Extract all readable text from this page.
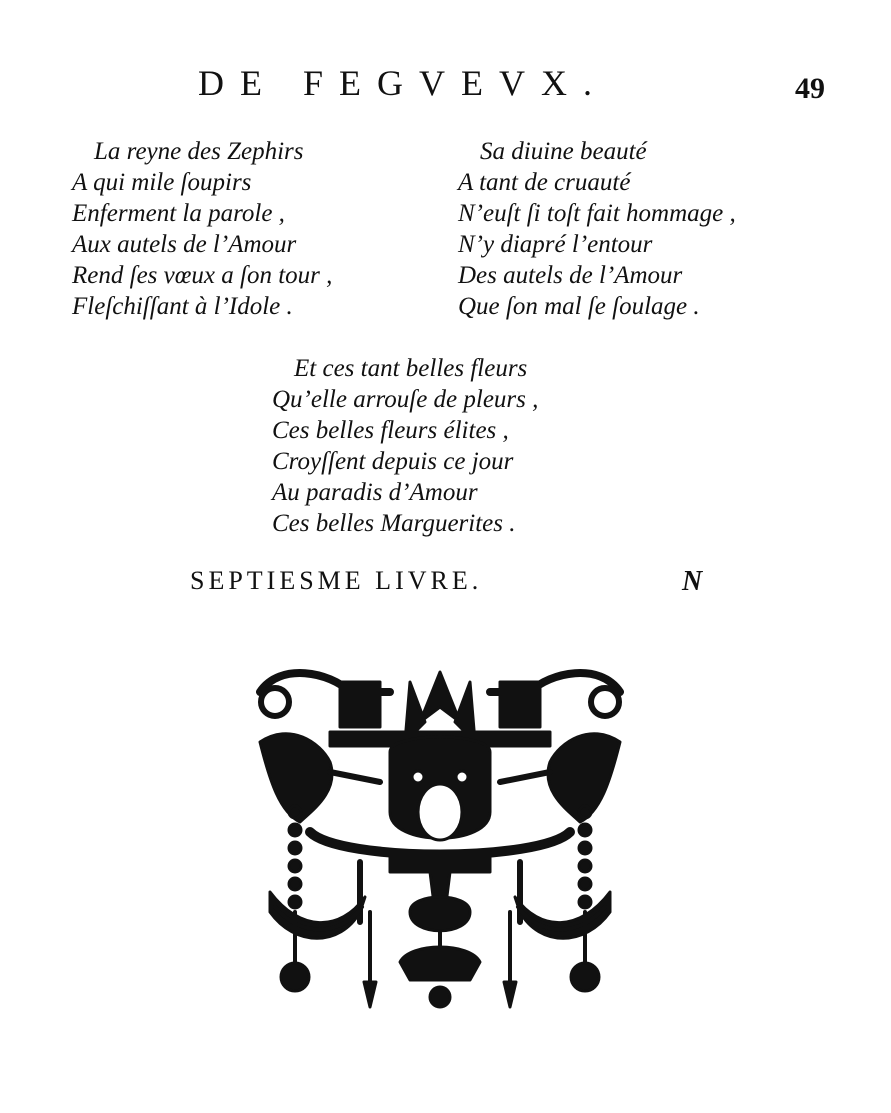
DE FEGVEVX.	49
La reyne des Zephirs
A qui mile ſoupirs
Enferment la parole ,
Aux autels de l’Amour
Rend ſes vœux a ſon tour ,
Fleſchiſſant à l’Idole .
Sa diuine beauté
A tant de cruauté
N’euſt ſi toſt fait hommage ,
N’y diapré l’entour
Des autels de l’Amour
Que ſon mal ſe ſoulage .
Et ces tant belles fleurs
Qu’elle arrouſe de pleurs ,
Ces belles fleurs élites ,
Croyſſent depuis ce jour
Au paradis d’Amour
Ces belles Marguerites .
SEPTIESME LIVRE.	N
